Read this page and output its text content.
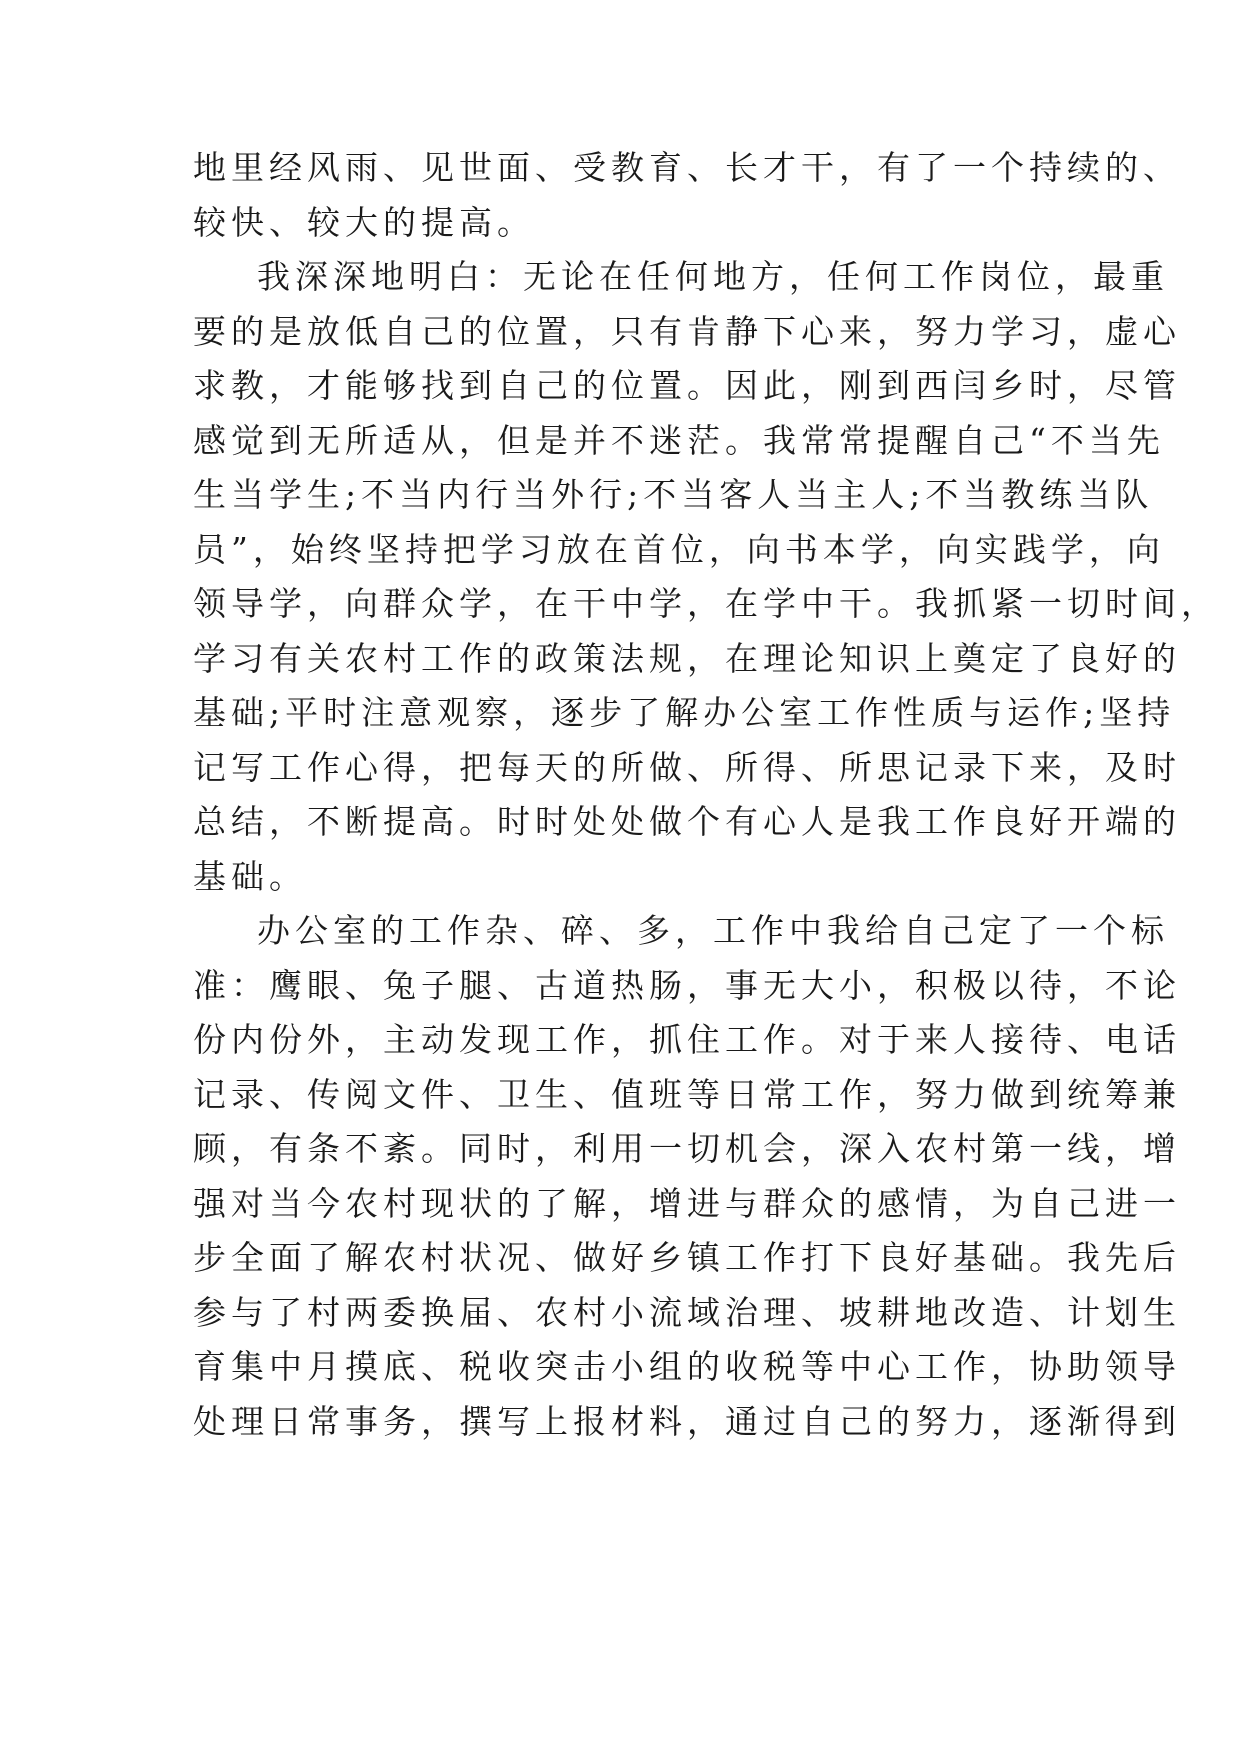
地里经风雨、见世面、受教育、长才干，有了一个持续的、
较快、较大的提高。
我深深地明白：无论在任何地方，任何工作岗位，最重
要的是放低自己的位置，只有肯静下心来，努力学习，虚心
求教，才能够找到自己的位置。因此，刚到西闫乡时，尽管
感觉到无所适从，但是并不迷茫。我常常提醒自己“不当先
生当学生;不当内行当外行;不当客人当主人;不当教练当队
员”，始终坚持把学习放在首位，向书本学，向实践学，向
领导学，向群众学，在干中学，在学中干。我抓紧一切时间，
学习有关农村工作的政策法规，在理论知识上奠定了良好的
基础;平时注意观察，逐步了解办公室工作性质与运作;坚持
记写工作心得，把每天的所做、所得、所思记录下来，及时
总结，不断提高。时时处处做个有心人是我工作良好开端的
基础。
办公室的工作杂、碎、多，工作中我给自己定了一个标
准：鹰眼、兔子腿、古道热肠，事无大小，积极以待，不论
份内份外，主动发现工作，抓住工作。对于来人接待、电话
记录、传阅文件、卫生、值班等日常工作，努力做到统筹兼
顾，有条不紊。同时，利用一切机会，深入农村第一线，增
强对当今农村现状的了解，增进与群众的感情，为自己进一
步全面了解农村状况、做好乡镇工作打下良好基础。我先后
参与了村两委换届、农村小流域治理、坡耕地改造、计划生
育集中月摸底、税收突击小组的收税等中心工作，协助领导
处理日常事务，撰写上报材料，通过自己的努力，逐渐得到
